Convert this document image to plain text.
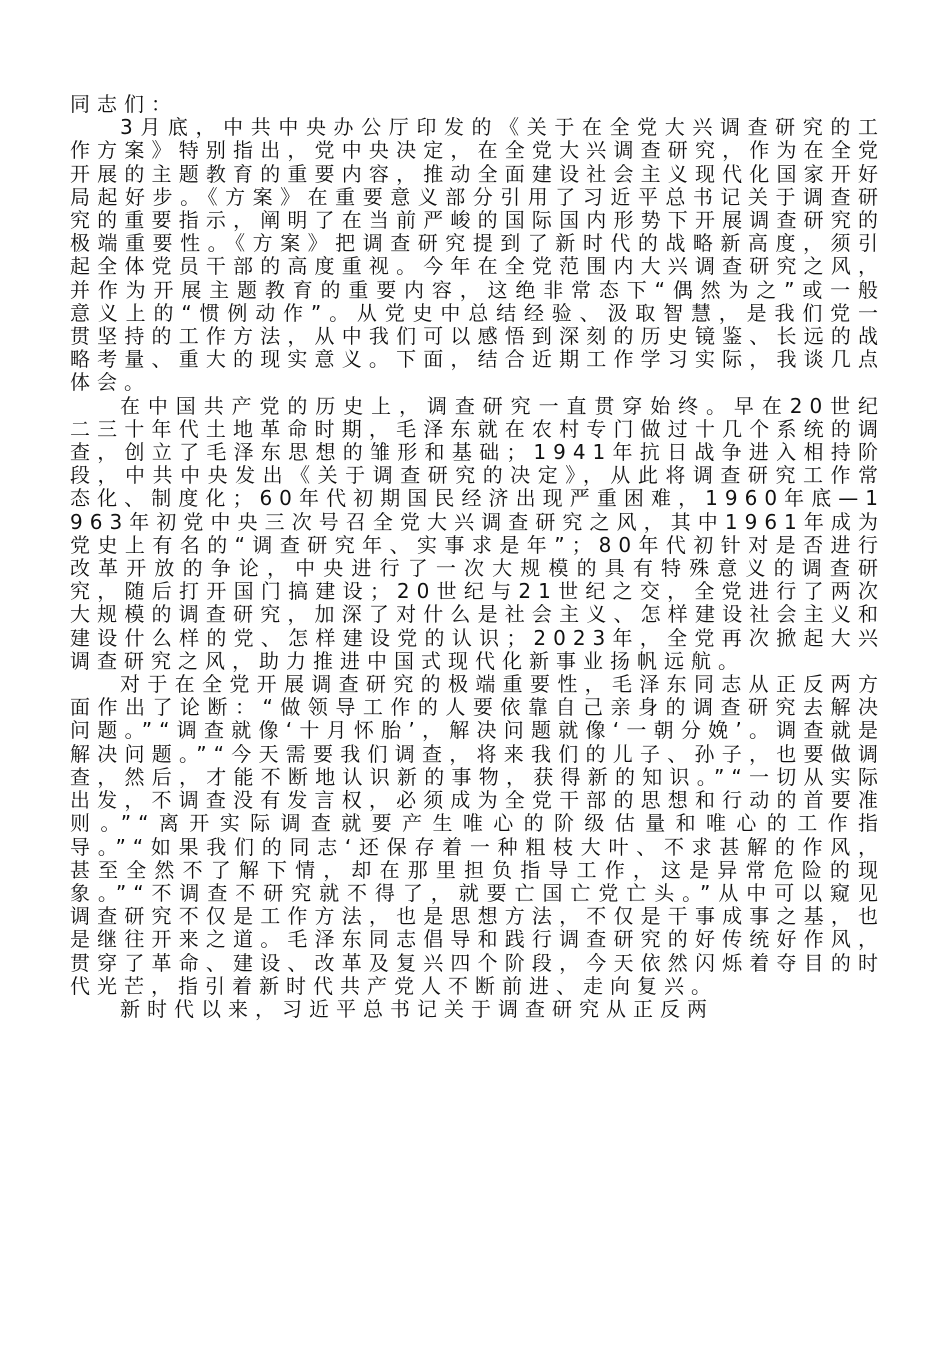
同志们：

3月底，中共中央办公厅印发的《关于在全党大兴调查研究的工作方案》特别指出，党中央决定，在全党大兴调查研究，作为在全党开展的主题教育的重要内容，推动全面建设社会主义现代化国家开好局起好步。《方案》在重要意义部分引用了习近平总书记关于调查研究的重要指示，阐明了在当前严峻的国际国内形势下开展调查研究的极端重要性。《方案》把调查研究提到了新时代的战略新高度，须引起全体党员干部的高度重视。今年在全党范围内大兴调查研究之风，并作为开展主题教育的重要内容，这绝非常态下“偶然为之”或一般意义上的“惯例动作”。从党史中总结经验、汲取智慧，是我们党一贯坚持的工作方法，从中我们可以感悟到深刻的历史镜鉴、长远的战略考量、重大的现实意义。下面，结合近期工作学习实际，我谈几点体会。

在中国共产党的历史上，调查研究一直贯穿始终。早在20世纪二三十年代土地革命时期，毛泽东就在农村专门做过十几个系统的调查，创立了毛泽东思想的雏形和基础；1941年抗日战争进入相持阶段，中共中央发出《关于调查研究的决定》，从此将调查研究工作常态化、制度化；60年代初期国民经济出现严重困难，1960年底—1963年初党中央三次号召全党大兴调查研究之风，其中1961年成为党史上有名的“调查研究年、实事求是年”；80年代初针对是否进行改革开放的争论，中央进行了一次大规模的具有特殊意义的调查研究，随后打开国门搞建设；20世纪与21世纪之交，全党进行了两次大规模的调查研究，加深了对什么是社会主义、怎样建设社会主义和建设什么样的党、怎样建设党的认识；2023年，全党再次掀起大兴调查研究之风，助力推进中国式现代化新事业扬帆远航。

对于在全党开展调查研究的极端重要性，毛泽东同志从正反两方面作出了论断：“做领导工作的人要依靠自己亲身的调查研究去解决问题。”“调查就像‘十月怀胎’，解决问题就像‘一朝分娩’。调查就是解决问题。”“今天需要我们调查，将来我们的儿子、孙子，也要做调查，然后，才能不断地认识新的事物，获得新的知识。”“一切从实际出发，不调查没有发言权，必须成为全党干部的思想和行动的首要准则。”“离开实际调查就要产生唯心的阶级估量和唯心的工作指导。”“如果我们的同志‘还保存着一种粗枝大叶、不求甚解的作风，甚至全然不了解下情，却在那里担负指导工作，这是异常危险的现象。”“不调查不研究就不得了，就要亡国亡党亡头。”从中可以窥见调查研究不仅是工作方法，也是思想方法，不仅是干事成事之基，也是继往开来之道。毛泽东同志倡导和践行调查研究的好传统好作风，贯穿了革命、建设、改革及复兴四个阶段，今天依然闪烁着夺目的时代光芒，指引着新时代共产党人不断前进、走向复兴。

新时代以来，习近平总书记关于调查研究从正反两
